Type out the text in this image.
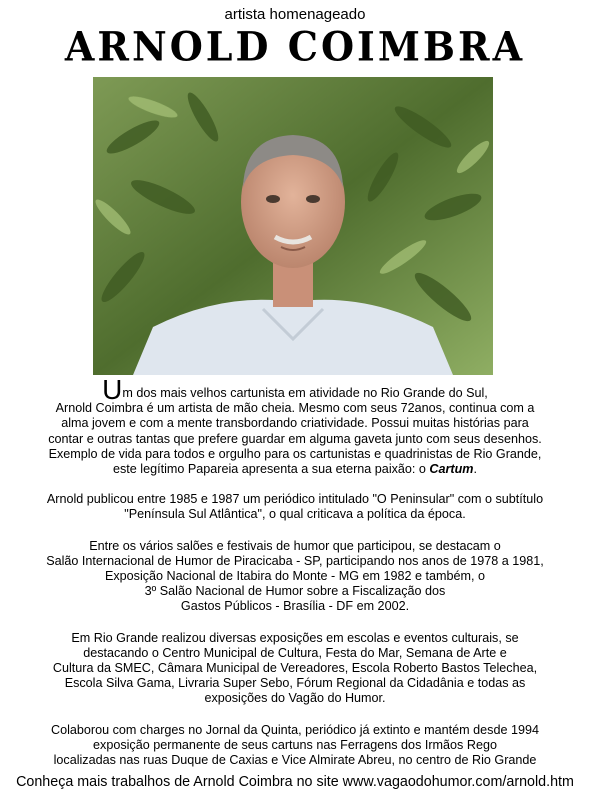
artista homenageado
ARNOLD COIMBRA

Um dos mais velhos cartunista em atividade no Rio Grande do Sul,
Arnold Coimbra é um artista de mão cheia. Mesmo com seus 72anos, continua com a
alma jovem e com a mente transbordando criatividade. Possui muitas histórias para
contar e outras tantas que prefere guardar em alguma gaveta junto com seus desenhos.
Exemplo de vida para todos e orgulho para os cartunistas e quadrinistas de Rio Grande,
este legítimo Papareia apresenta a sua eterna paixão: o Cartum.

Arnold publicou entre 1985 e 1987 um periódico intitulado "O Peninsular" com o subtítulo
"Península Sul Atlântica", o qual criticava a política da época.

Entre os vários salões e festivais de humor que participou, se destacam o
Salão Internacional de Humor de Piracicaba - SP, participando nos anos de 1978 a 1981,
Exposição Nacional de Itabira do Monte - MG em 1982 e também, o
3º Salão Nacional de Humor sobre a Fiscalização dos
Gastos Públicos - Brasília - DF em 2002.

Em Rio Grande realizou diversas exposições em escolas e eventos culturais, se
destacando o Centro Municipal de Cultura, Festa do Mar, Semana de Arte e
Cultura da SMEC, Câmara Municipal de Vereadores, Escola Roberto Bastos Telechea,
Escola Silva Gama, Livraria Super Sebo, Fórum Regional da Cidadânia e todas as
exposições do Vagão do Humor.

Colaborou com charges no Jornal da Quinta, periódico já extinto e mantém desde 1994
exposição permanente de seus cartuns nas Ferragens dos Irmãos Rego
localizadas nas ruas Duque de Caxias e Vice Almirate Abreu, no centro de Rio Grande

Conheça mais trabalhos de Arnold Coimbra no site www.vagaodohumor.com/arnold.htm
